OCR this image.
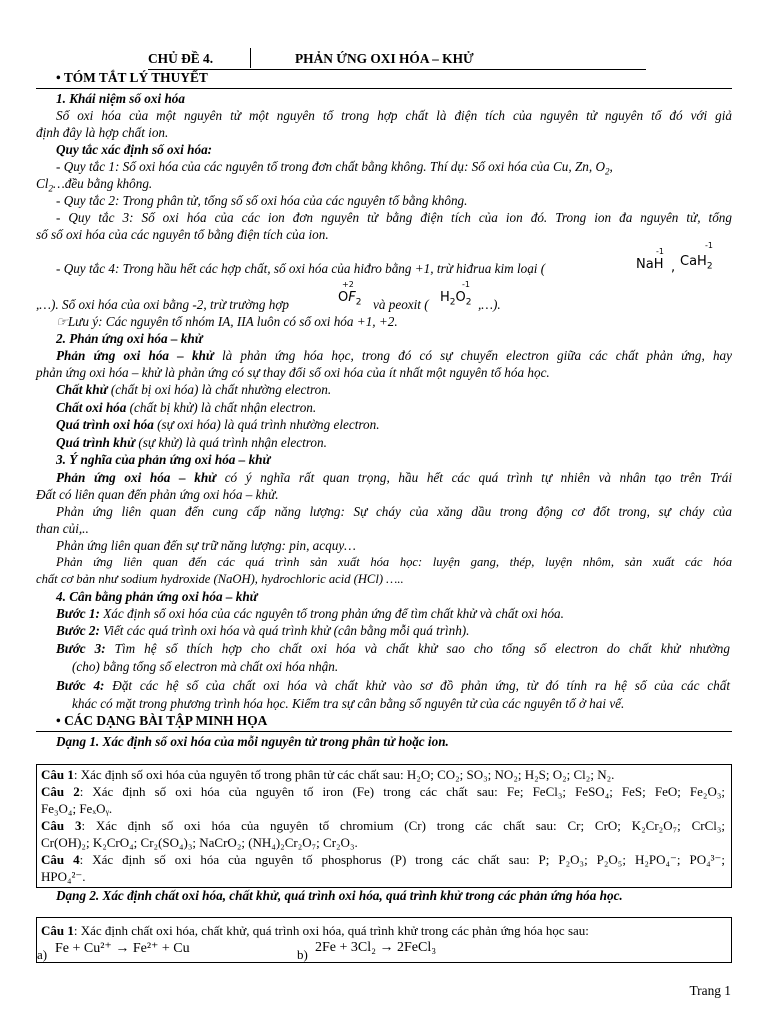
CHỦ ĐỀ 4.	PHẢN ỨNG OXI HÓA – KHỬ
• TÓM TẮT LÝ THUYẾT
1. Khái niệm số oxi hóa
Số oxi hóa của một nguyên tử một nguyên tố trong hợp chất là điện tích của nguyên tử nguyên tố đó với giả
định đây là hợp chất ion.
Quy tắc xác định số oxi hóa:
- Quy tắc 1: Số oxi hóa của các nguyên tố trong đơn chất bằng không. Thí dụ: Số oxi hóa của Cu, Zn, $O_2$,
$Cl_2\dots đều$ bằng không.
- Quy tắc 2: Trong phân tử, tổng số số oxi hóa của các nguyên tố bằng không.
- Quy tắc 3: Số oxi hóa của các ion đơn nguyên tử bằng điện tích của ion đó. Trong ion đa nguyên tử, tổng
số số oxi hóa của các nguyên tố bằng điện tích của ion.
- Quy tắc 4: Trong hầu hết các hợp chất, số oxi hóa của hiđro bằng +1, trừ hiđrua kim loại (
-1
NaH ,
-1
CaH$_2$
,…). Số oxi hóa của oxi bằng -2, trừ trường hợp
+2
$OF_2$ và peoxit (
-1
$H_2O_2$ ,…).
☞Lưu ý: Các nguyên tố nhóm IA, IIA luôn có số oxi hóa +1, +2.
2. Phản ứng oxi hóa – khử
Phản ứng oxi hóa – khử là phản ứng hóa học, trong đó có sự chuyển electron giữa các chất phản ứng, hay
phản ứng oxi hóa – khử là phản ứng có sự thay đổi số oxi hóa của ít nhất một nguyên tố hóa học.
Chất khử (chất bị oxi hóa) là chất nhường electron.
Chất oxi hóa (chất bị khử) là chất nhận electron.
Quá trình oxi hóa (sự oxi hóa) là quá trình nhường electron.
Quá trình khử (sự khử) là quá trình nhận electron.
3. Ý nghĩa của phản ứng oxi hóa – khử
Phản ứng oxi hóa – khử có ý nghĩa rất quan trọng, hầu hết các quá trình tự nhiên và nhân tạo trên Trái
Đất có liên quan đến phản ứng oxi hóa – khử.
Phản ứng liên quan đến cung cấp năng lượng: Sự cháy của xăng dầu trong động cơ đốt trong, sự cháy của
than củi,..
Phản ứng liên quan đến sự trữ năng lượng: pin, acquy…
Phản ứng liên quan đến các quá trình sản xuất hóa học: luyện gang, thép, luyện nhôm, sản xuất các hóa
chất cơ bản như sodium hydroxide (NaOH), hydrochloric acid (HCl) …..
4. Cân bằng phản ứng oxi hóa – khử
Bước 1: Xác định số oxi hóa của các nguyên tố trong phản ứng để tìm chất khử và chất oxi hóa.
Bước 2: Viết các quá trình oxi hóa và quá trình khử (cân bằng mỗi quá trình).
Bước 3: Tìm hệ số thích hợp cho chất oxi hóa và chất khử sao cho tổng số electron do chất khử nhường
(cho) bằng tổng số electron mà chất oxi hóa nhận.
Bước 4: Đặt các hệ số của chất oxi hóa và chất khử vào sơ đồ phản ứng, từ đó tính ra hệ số của các chất
khác có mặt trong phương trình hóa học. Kiểm tra sự cân bằng số nguyên tử của các nguyên tố ở hai vế.
• CÁC DẠNG BÀI TẬP MINH HỌA
Dạng 1. Xác định số oxi hóa của mỗi nguyên tử trong phân tử hoặc ion.
Câu 1: Xác định số oxi hóa của nguyên tố trong phân tử các chất sau: H₂O; CO₂; SO₃; NO₂; H₂S; O₂; Cl₂; N₂.
Câu 2: Xác định số oxi hóa của nguyên tố iron (Fe) trong các chất sau: Fe; FeCl₃; FeSO₄; FeS; FeO; Fe₂O₃;
Fe₃O₄; FeₓOᵧ.
Câu 3: Xác định số oxi hóa của nguyên tố chromium (Cr) trong các chất sau: Cr; CrO; K₂Cr₂O₇; CrCl₃;
Cr(OH)₂; K₂CrO₄; Cr₂(SO₄)₃; NaCrO₂; (NH₄)₂Cr₂O₇; Cr₂O₃.
Câu 4: Xác định số oxi hóa của nguyên tố phosphorus (P) trong các chất sau: P; P₂O₃; P₂O₅; H₂PO₄⁻; PO₄³⁻;
HPO₄²⁻.
Dạng 2. Xác định chất oxi hóa, chất khử, quá trình oxi hóa, quá trình khử trong các phản ứng hóa học.
Câu 1: Xác định chất oxi hóa, chất khử, quá trình oxi hóa, quá trình khử trong các phản ứng hóa học sau:
a) Fe + Cu²⁺ → Fe²⁺ + Cu	b) 2Fe + 3Cl₂ → 2FeCl₃
Trang 1
